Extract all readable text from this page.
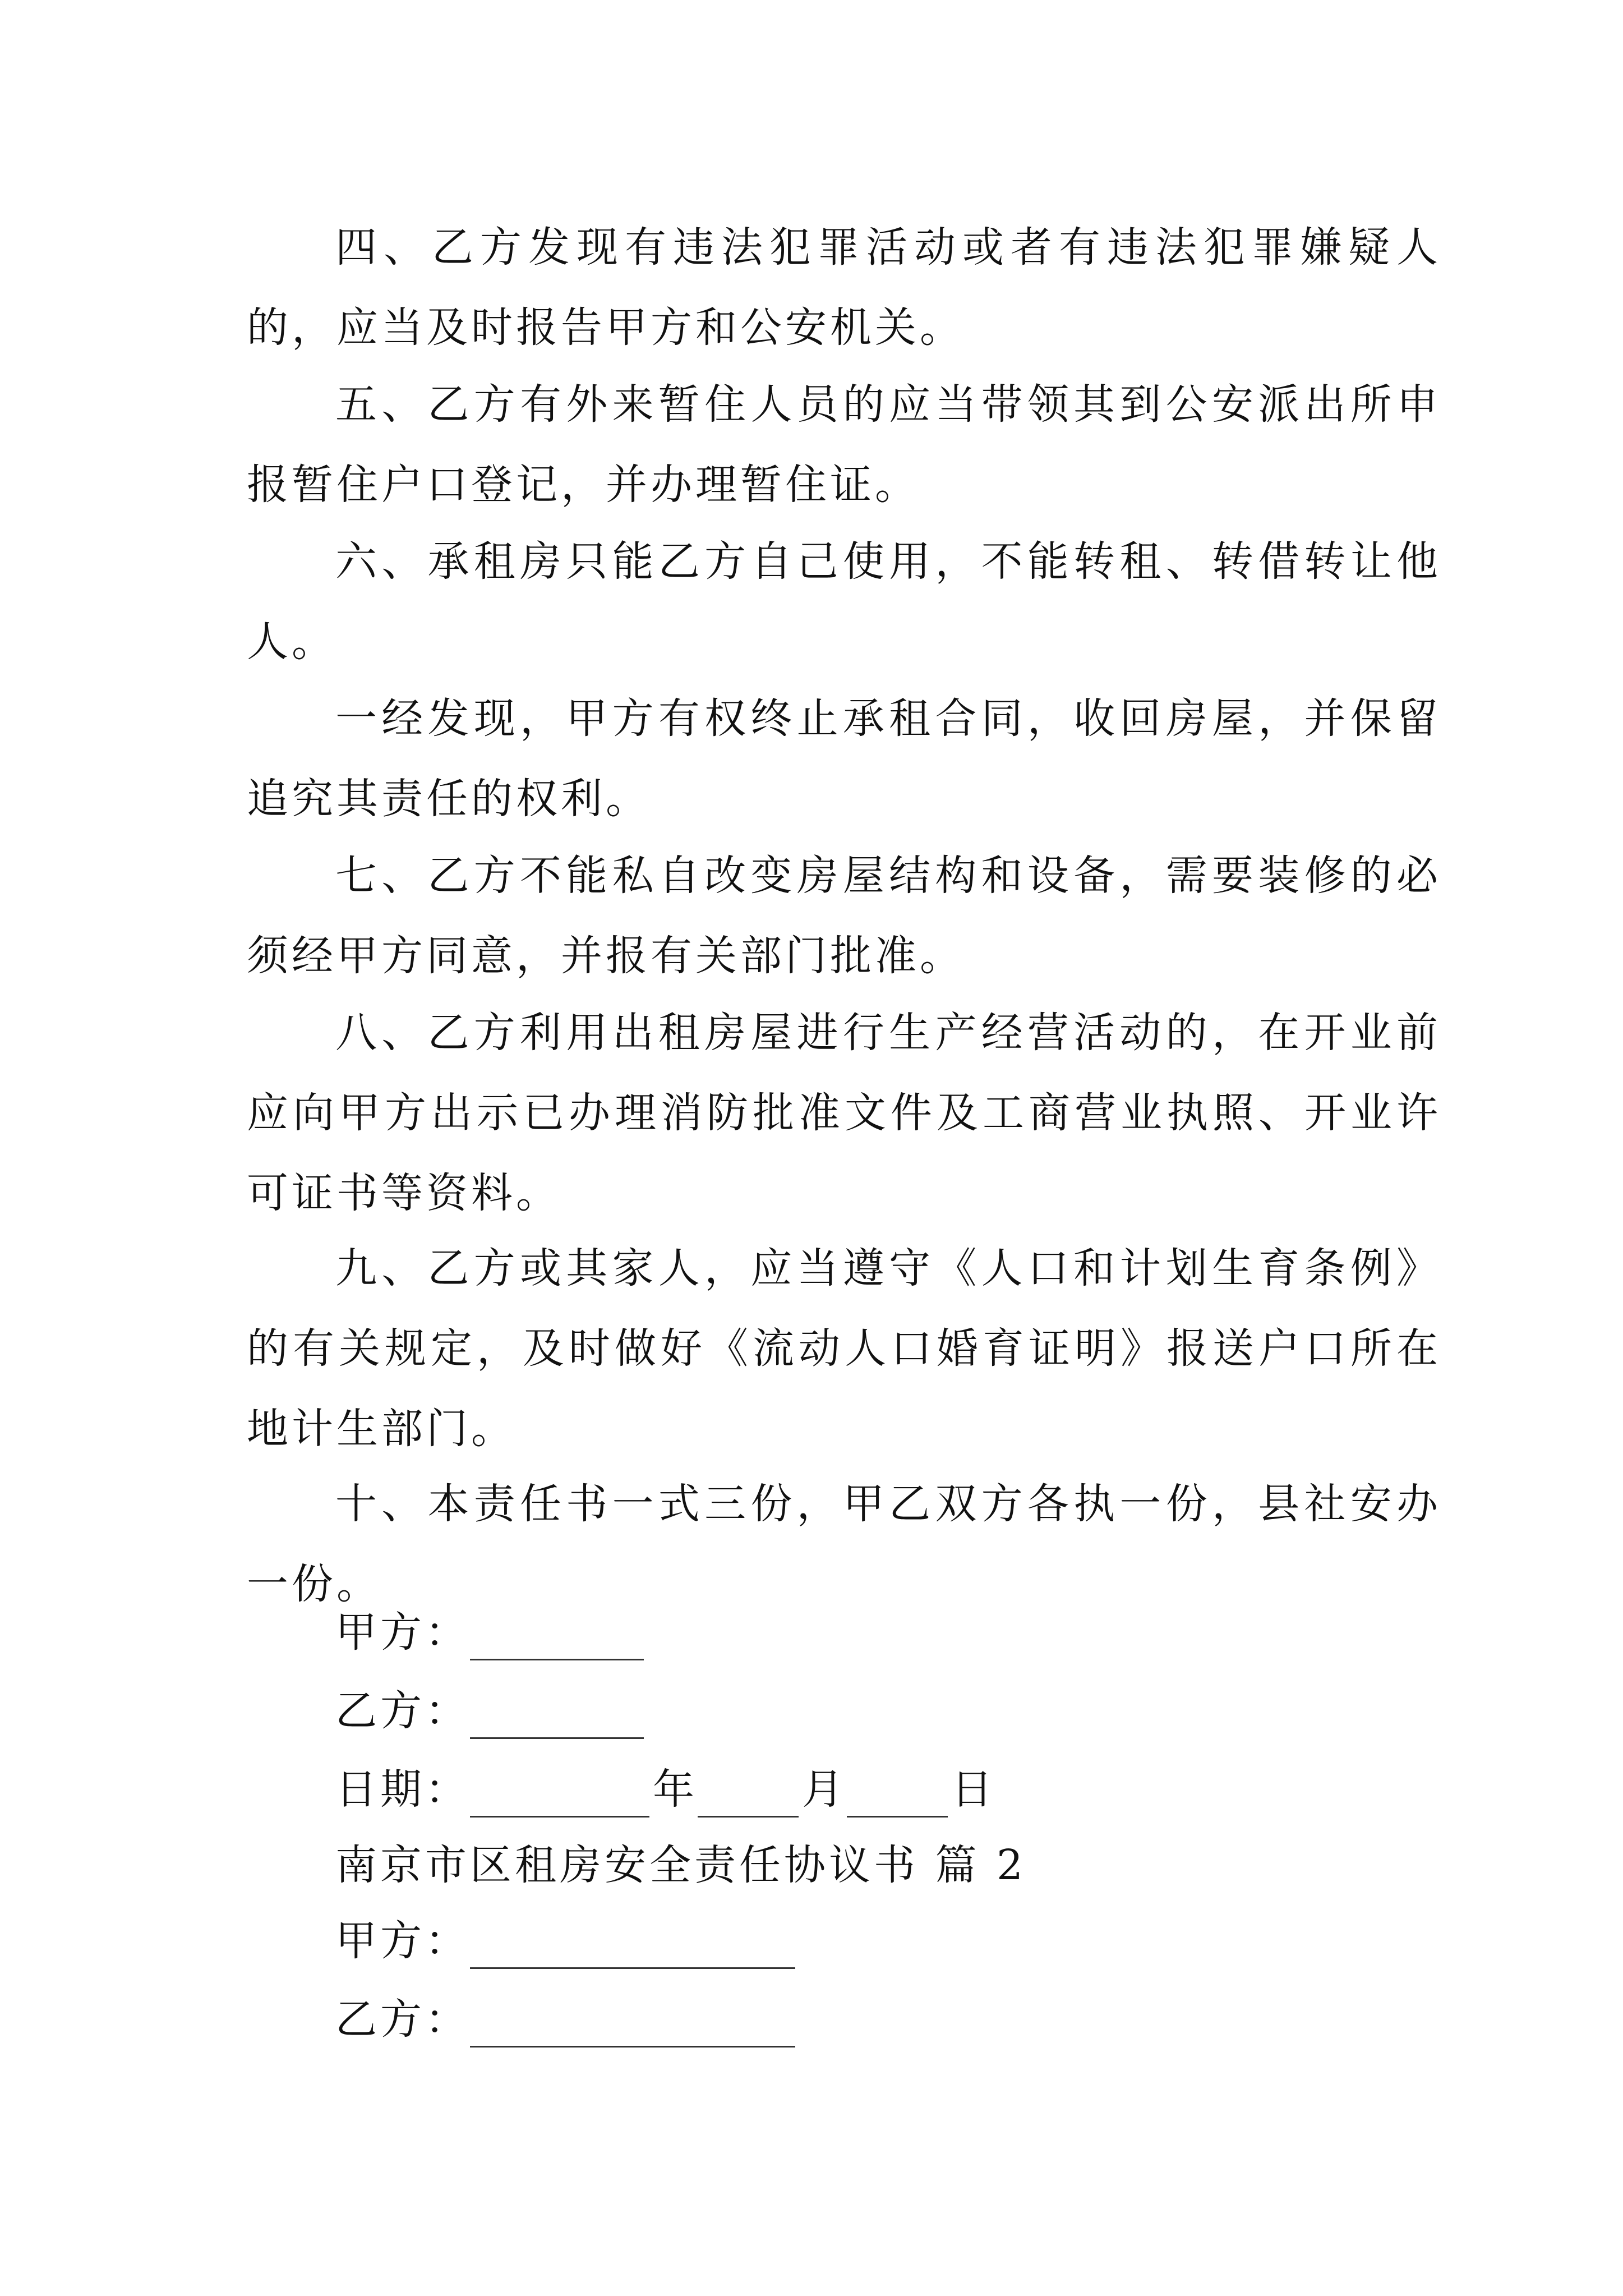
四、乙方发现有违法犯罪活动或者有违法犯罪嫌疑人的，应当及时报告甲方和公安机关。

五、乙方有外来暂住人员的应当带领其到公安派出所申报暂住户口登记，并办理暂住证。

六、承租房只能乙方自己使用，不能转租、转借转让他人。

一经发现，甲方有权终止承租合同，收回房屋，并保留追究其责任的权利。

七、乙方不能私自改变房屋结构和设备，需要装修的必须经甲方同意，并报有关部门批准。

八、乙方利用出租房屋进行生产经营活动的，在开业前应向甲方出示已办理消防批准文件及工商营业执照、开业许可证书等资料。

九、乙方或其家人，应当遵守《人口和计划生育条例》的有关规定，及时做好《流动人口婚育证明》报送户口所在地计生部门。

十、本责任书一式三份，甲乙双方各执一份，县社安办一份。

甲方：
乙方：
日期：	年	月	日
南京市区租房安全责任协议书 篇 2
甲方：
乙方：
